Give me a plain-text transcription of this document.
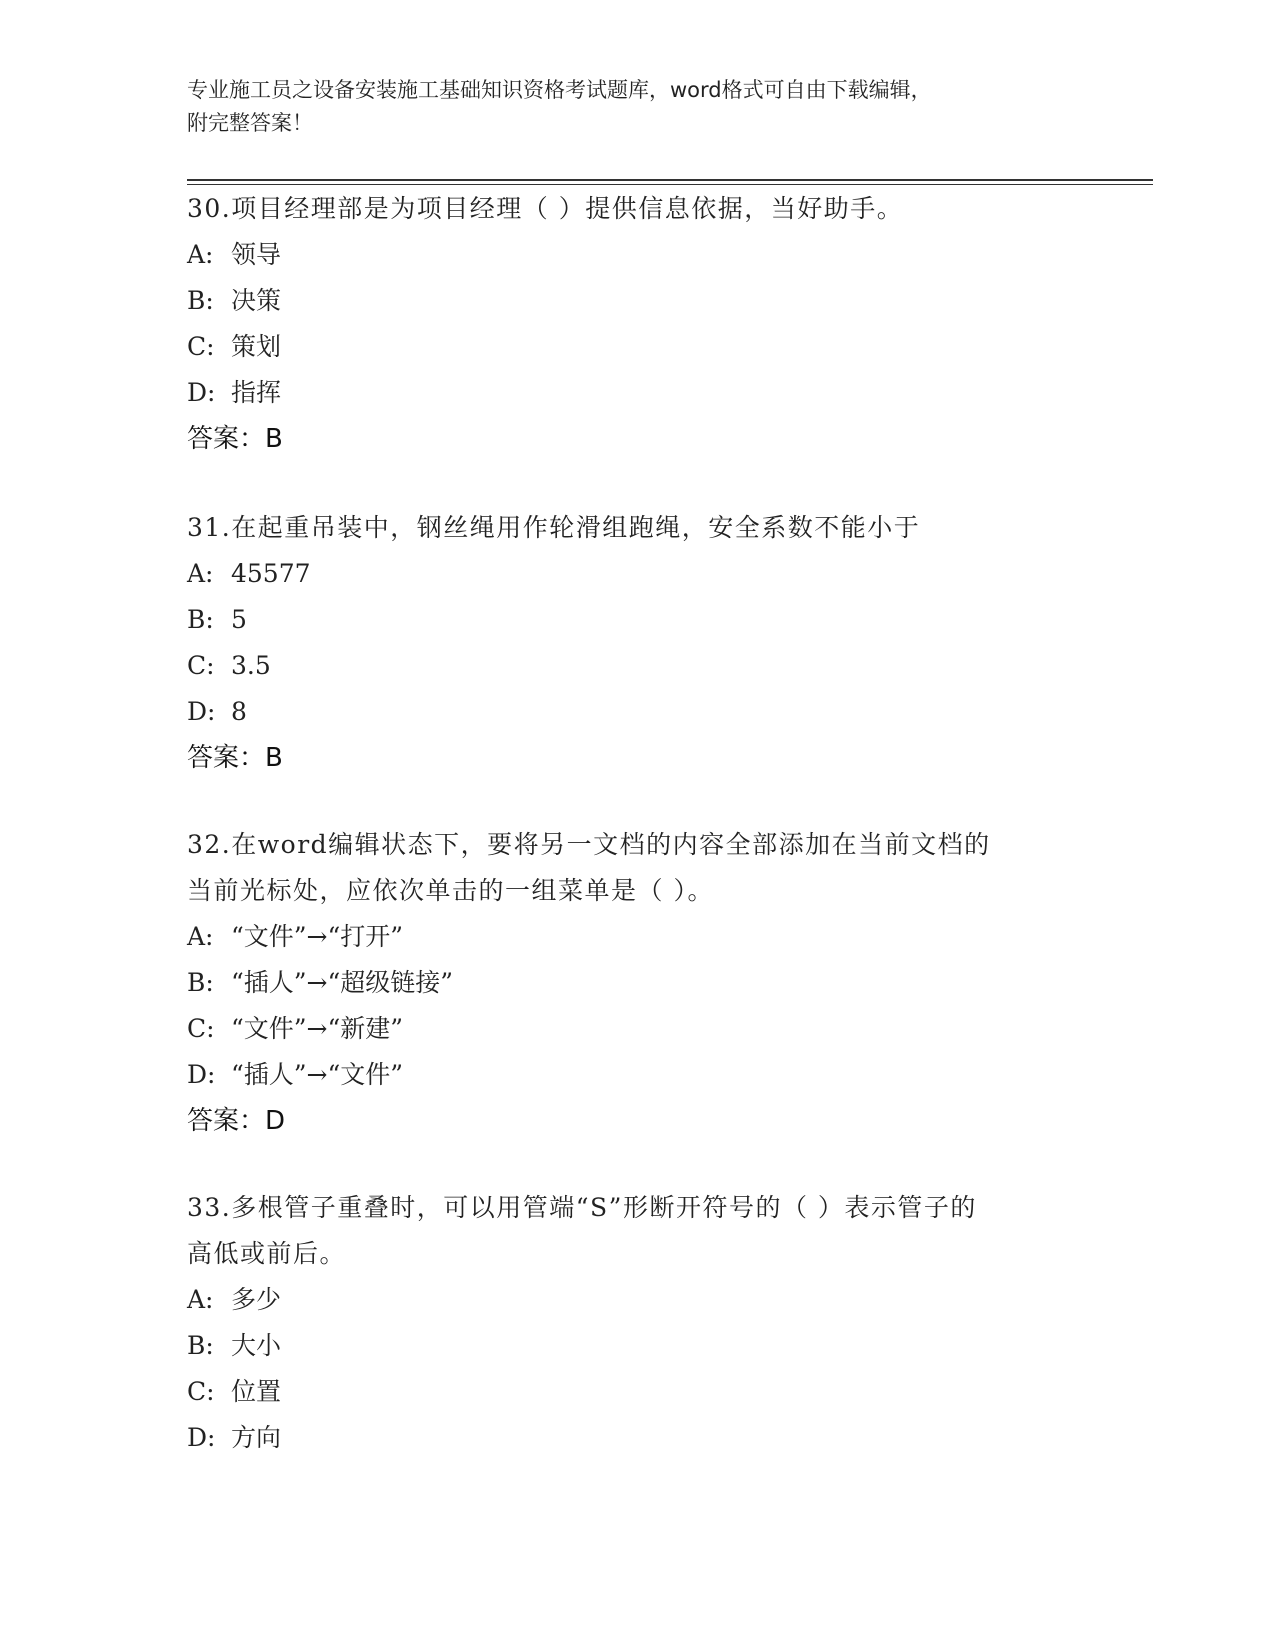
专业施工员之设备安装施工基础知识资格考试题库，word格式可自由下载编辑，
附完整答案！
30.项目经理部是为项目经理（ ）提供信息依据，当好助手。
A: 领导
B: 决策
C: 策划
D: 指挥
答案：B
31.在起重吊装中，钢丝绳用作轮滑组跑绳，安全系数不能小于
A: 45577
B: 5
C: 3.5
D: 8
答案：B
32.在word编辑状态下，要将另一文档的内容全部添加在当前文档的
当前光标处，应依次单击的一组菜单是（ ）。
A: “文件”→“打开”
B: “插人”→“超级链接”
C: “文件”→“新建”
D: “插人”→“文件”
答案：D
33.多根管子重叠时，可以用管端“S”形断开符号的（ ）表示管子的
高低或前后。
A: 多少
B: 大小
C: 位置
D: 方向
